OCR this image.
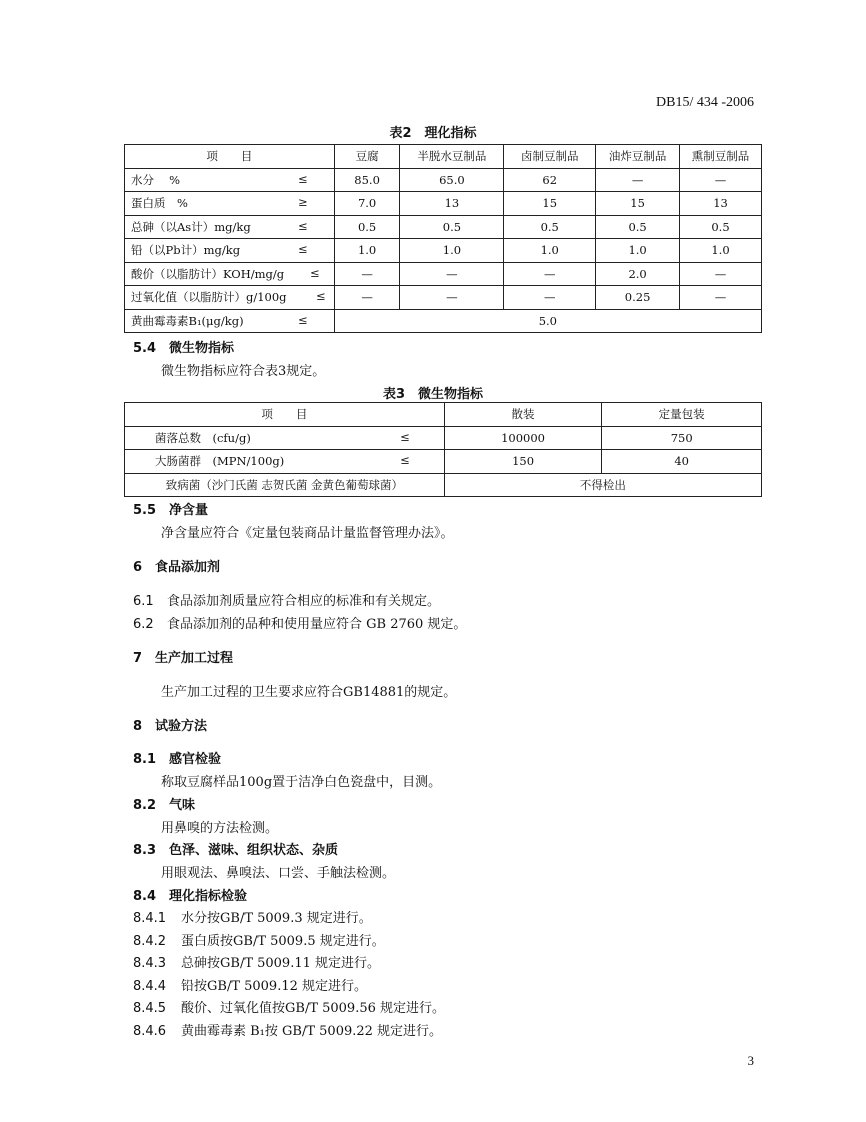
DB15/ 434 -2006
表2　理化指标
项　　目	豆腐	半脱水豆制品	卤制豆制品	油炸豆制品	熏制豆制品
水分　 % ≤	85.0	65.0	62	—	—
蛋白质　% ≥	7.0	13	15	15	13
总砷（以As计）mg/kg ≤	0.5	0.5	0.5	0.5	0.5
铅（以Pb计）mg/kg ≤	1.0	1.0	1.0	1.0	1.0
酸价（以脂肪计）KOH/mg/g ≤	—	—	—	2.0	—
过氧化值（以脂肪计）g/100g ≤	—	—	—	0.25	—
黄曲霉毒素B₁(μg/kg) ≤	5.0				
5.4　微生物指标
微生物指标应符合表3规定。
表3　微生物指标
项　　目	散装	定量包装
菌落总数　(cfu/g) ≤	100000	750
大肠菌群　(MPN/100g) ≤	150	40
致病菌（沙门氏菌 志贺氏菌 金黄色葡萄球菌）	不得检出	
5.5　净含量
净含量应符合《定量包装商品计量监督管理办法》。
6　食品添加剂
6.1 食品添加剂质量应符合相应的标准和有关规定。
6.2 食品添加剂的品种和使用量应符合 GB 2760 规定。
7　生产加工过程
生产加工过程的卫生要求应符合GB14881的规定。
8　试验方法
8.1　感官检验
称取豆腐样品100g置于洁净白色瓷盘中，目测。
8.2　气味
用鼻嗅的方法检测。
8.3　色泽、滋味、组织状态、杂质
用眼观法、鼻嗅法、口尝、手触法检测。
8.4　理化指标检验
8.4.1 水分按GB/T 5009.3 规定进行。
8.4.2 蛋白质按GB/T 5009.5 规定进行。
8.4.3 总砷按GB/T 5009.11 规定进行。
8.4.4 铅按GB/T 5009.12 规定进行。
8.4.5 酸价、过氧化值按GB/T 5009.56 规定进行。
8.4.6 黄曲霉毒素 B₁按 GB/T 5009.22 规定进行。
3
